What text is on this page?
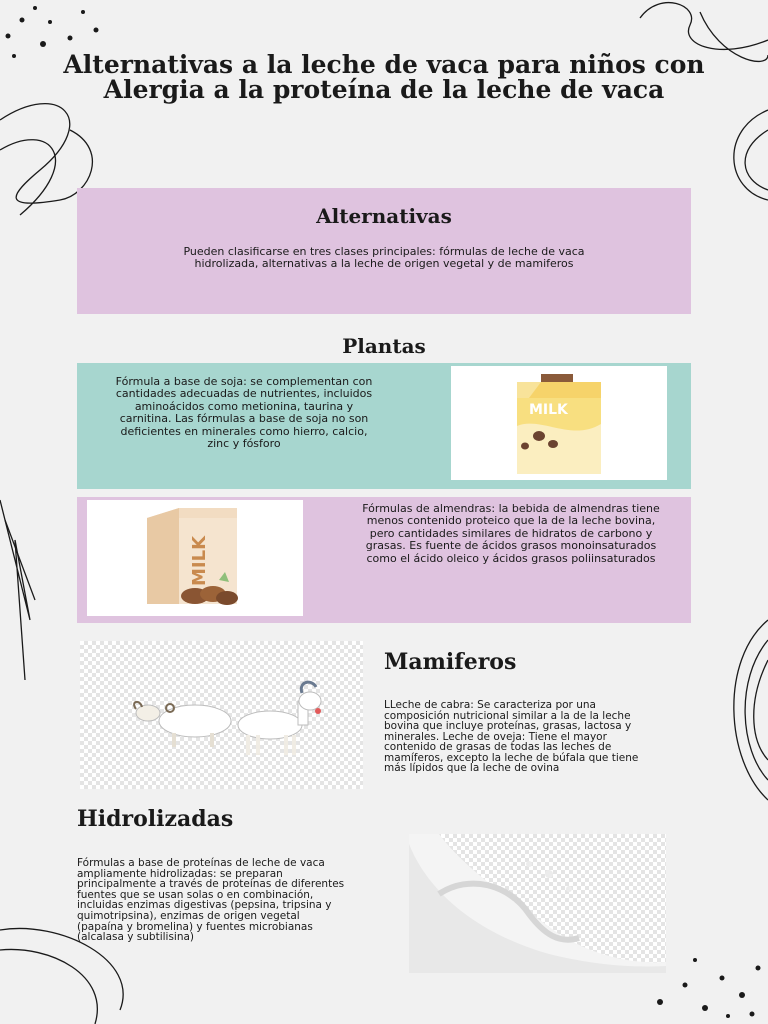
Alternativas a la leche de vaca para niños con Alergia a la proteína de la leche de vaca
Alternativas

Pueden clasificarse en tres clases principales: fórmulas de leche de vaca hidrolizada, alternativas a la leche de origen vegetal y de mamiferos

Plantas

Fórmula a base de soja: se complementan con cantidades adecuadas de nutrientes, incluidos aminoácidos como metionina, taurina y carnitina. Las fórmulas a base de soja no son deficientes en minerales como hierro, calcio, zinc y fósforo

MILK
MILK

Fórmulas de almendras: la bebida de almendras tiene menos contenido proteico que la de la leche bovina, pero cantidades similares de hidratos de carbono y grasas. Es fuente de ácidos grasos monoinsaturados como el ácido oleico y ácidos grasos poliinsaturados

Mamiferos

LLeche de cabra: Se caracteriza por una composición nutricional similar a la de la leche bovina que incluye proteínas, grasas, lactosa y minerales. Leche de oveja: Tiene el mayor contenido de grasas de todas las leches de mamíferos, excepto la leche de búfala que tiene más lípidos que la leche de ovina

Hidrolizadas

Fórmulas a base de proteínas de leche de vaca ampliamente hidrolizadas: se preparan principalmente a través de proteínas de diferentes fuentes que se usan solas o en combinación, incluidas enzimas digestivas (pepsina, tripsina y quimotripsina), enzimas de origen vegetal (papaína y bromelina) y fuentes microbianas (alcalasa y subtilisina)
